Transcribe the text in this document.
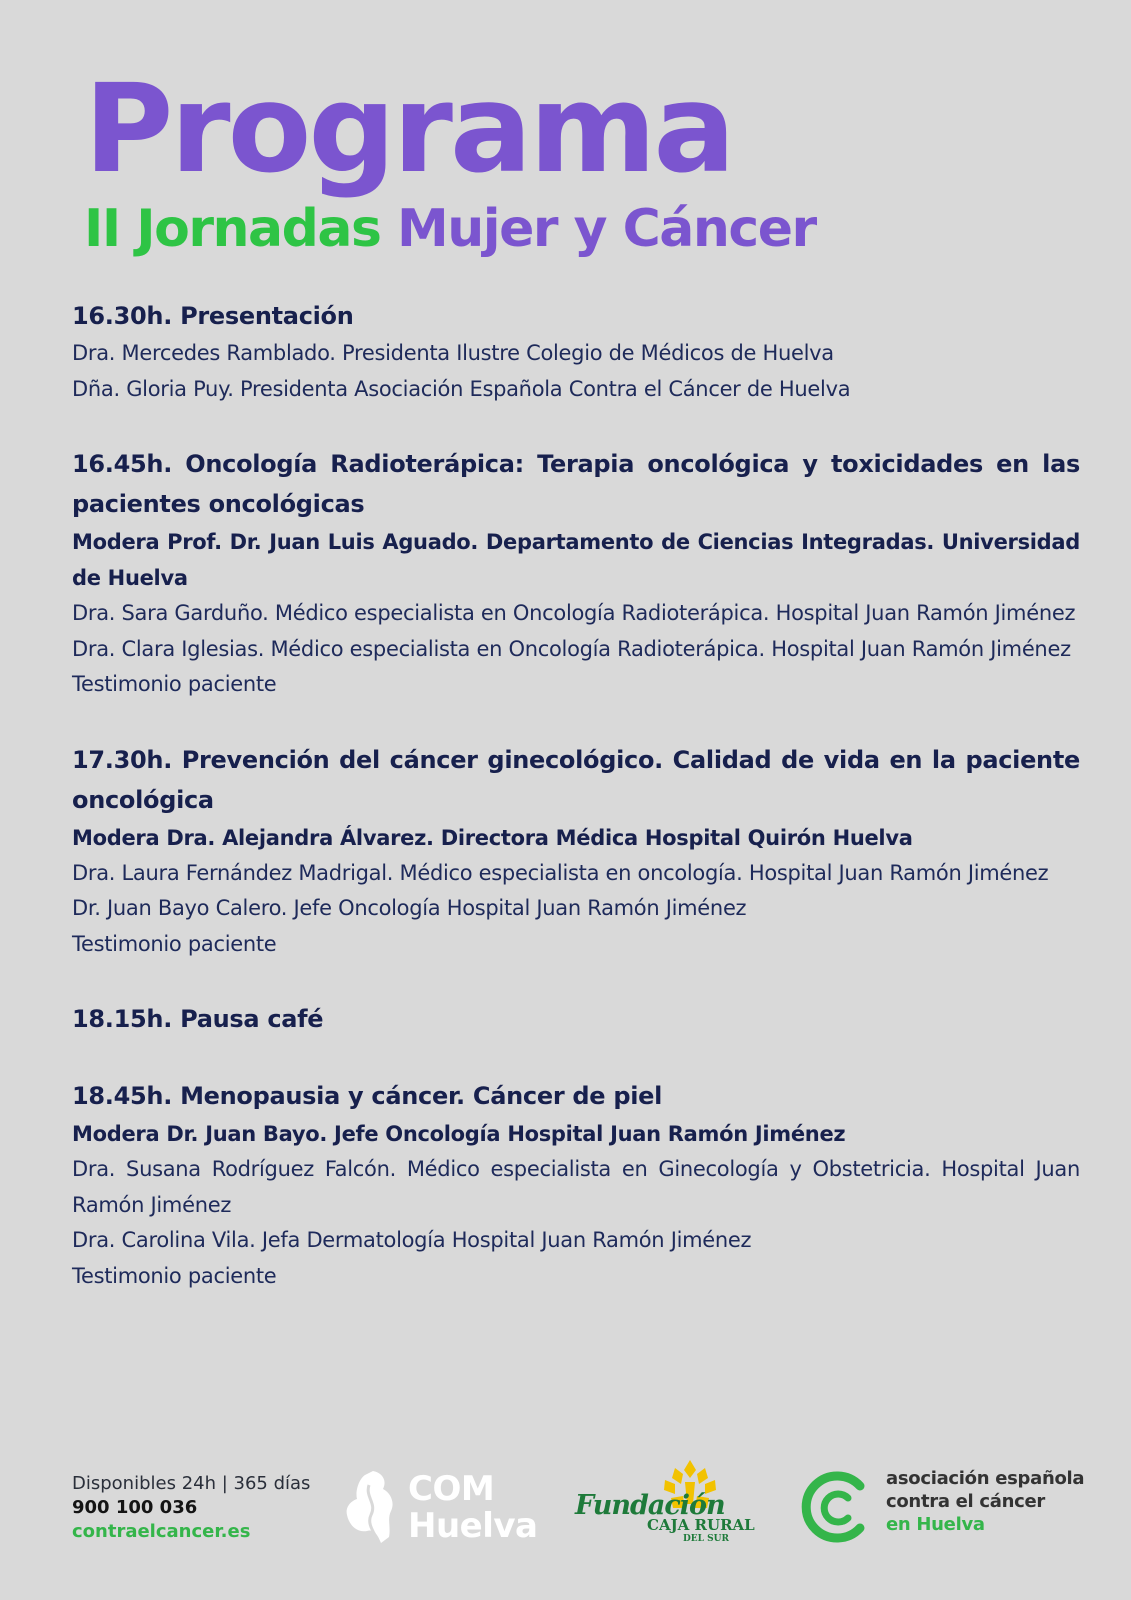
Programa
II Jornadas Mujer y Cáncer
16.30h. Presentación
Dra. Mercedes Ramblado. Presidenta Ilustre Colegio de Médicos de Huelva
Dña. Gloria Puy. Presidenta Asociación Española Contra el Cáncer de Huelva
16.45h. Oncología Radioterápica: Terapia oncológica y toxicidades en las pacientes oncológicas
Modera Prof. Dr. Juan Luis Aguado. Departamento de Ciencias Integradas. Universidad de Huelva
Dra. Sara Garduño. Médico especialista en Oncología Radioterápica. Hospital Juan Ramón Jiménez
Dra. Clara Iglesias. Médico especialista en Oncología Radioterápica. Hospital Juan Ramón Jiménez
Testimonio paciente
17.30h. Prevención del cáncer ginecológico. Calidad de vida en la paciente oncológica
Modera Dra. Alejandra Álvarez. Directora Médica Hospital Quirón Huelva
Dra. Laura Fernández Madrigal. Médico especialista en oncología. Hospital Juan Ramón Jiménez
Dr. Juan Bayo Calero. Jefe Oncología Hospital Juan Ramón Jiménez
Testimonio paciente
18.15h. Pausa café
18.45h. Menopausia y cáncer. Cáncer de piel
Modera Dr. Juan Bayo. Jefe Oncología Hospital Juan Ramón Jiménez
Dra. Susana Rodríguez Falcón. Médico especialista en Ginecología y Obstetricia. Hospital Juan Ramón Jiménez
Dra. Carolina Vila. Jefa Dermatología Hospital Juan Ramón Jiménez
Testimonio paciente
Disponibles 24h | 365 días
900 100 036
contraelcancer.es
COM
Huelva
Fundación
CAJA RURAL
DEL SUR
asociación española
contra el cáncer
en Huelva
